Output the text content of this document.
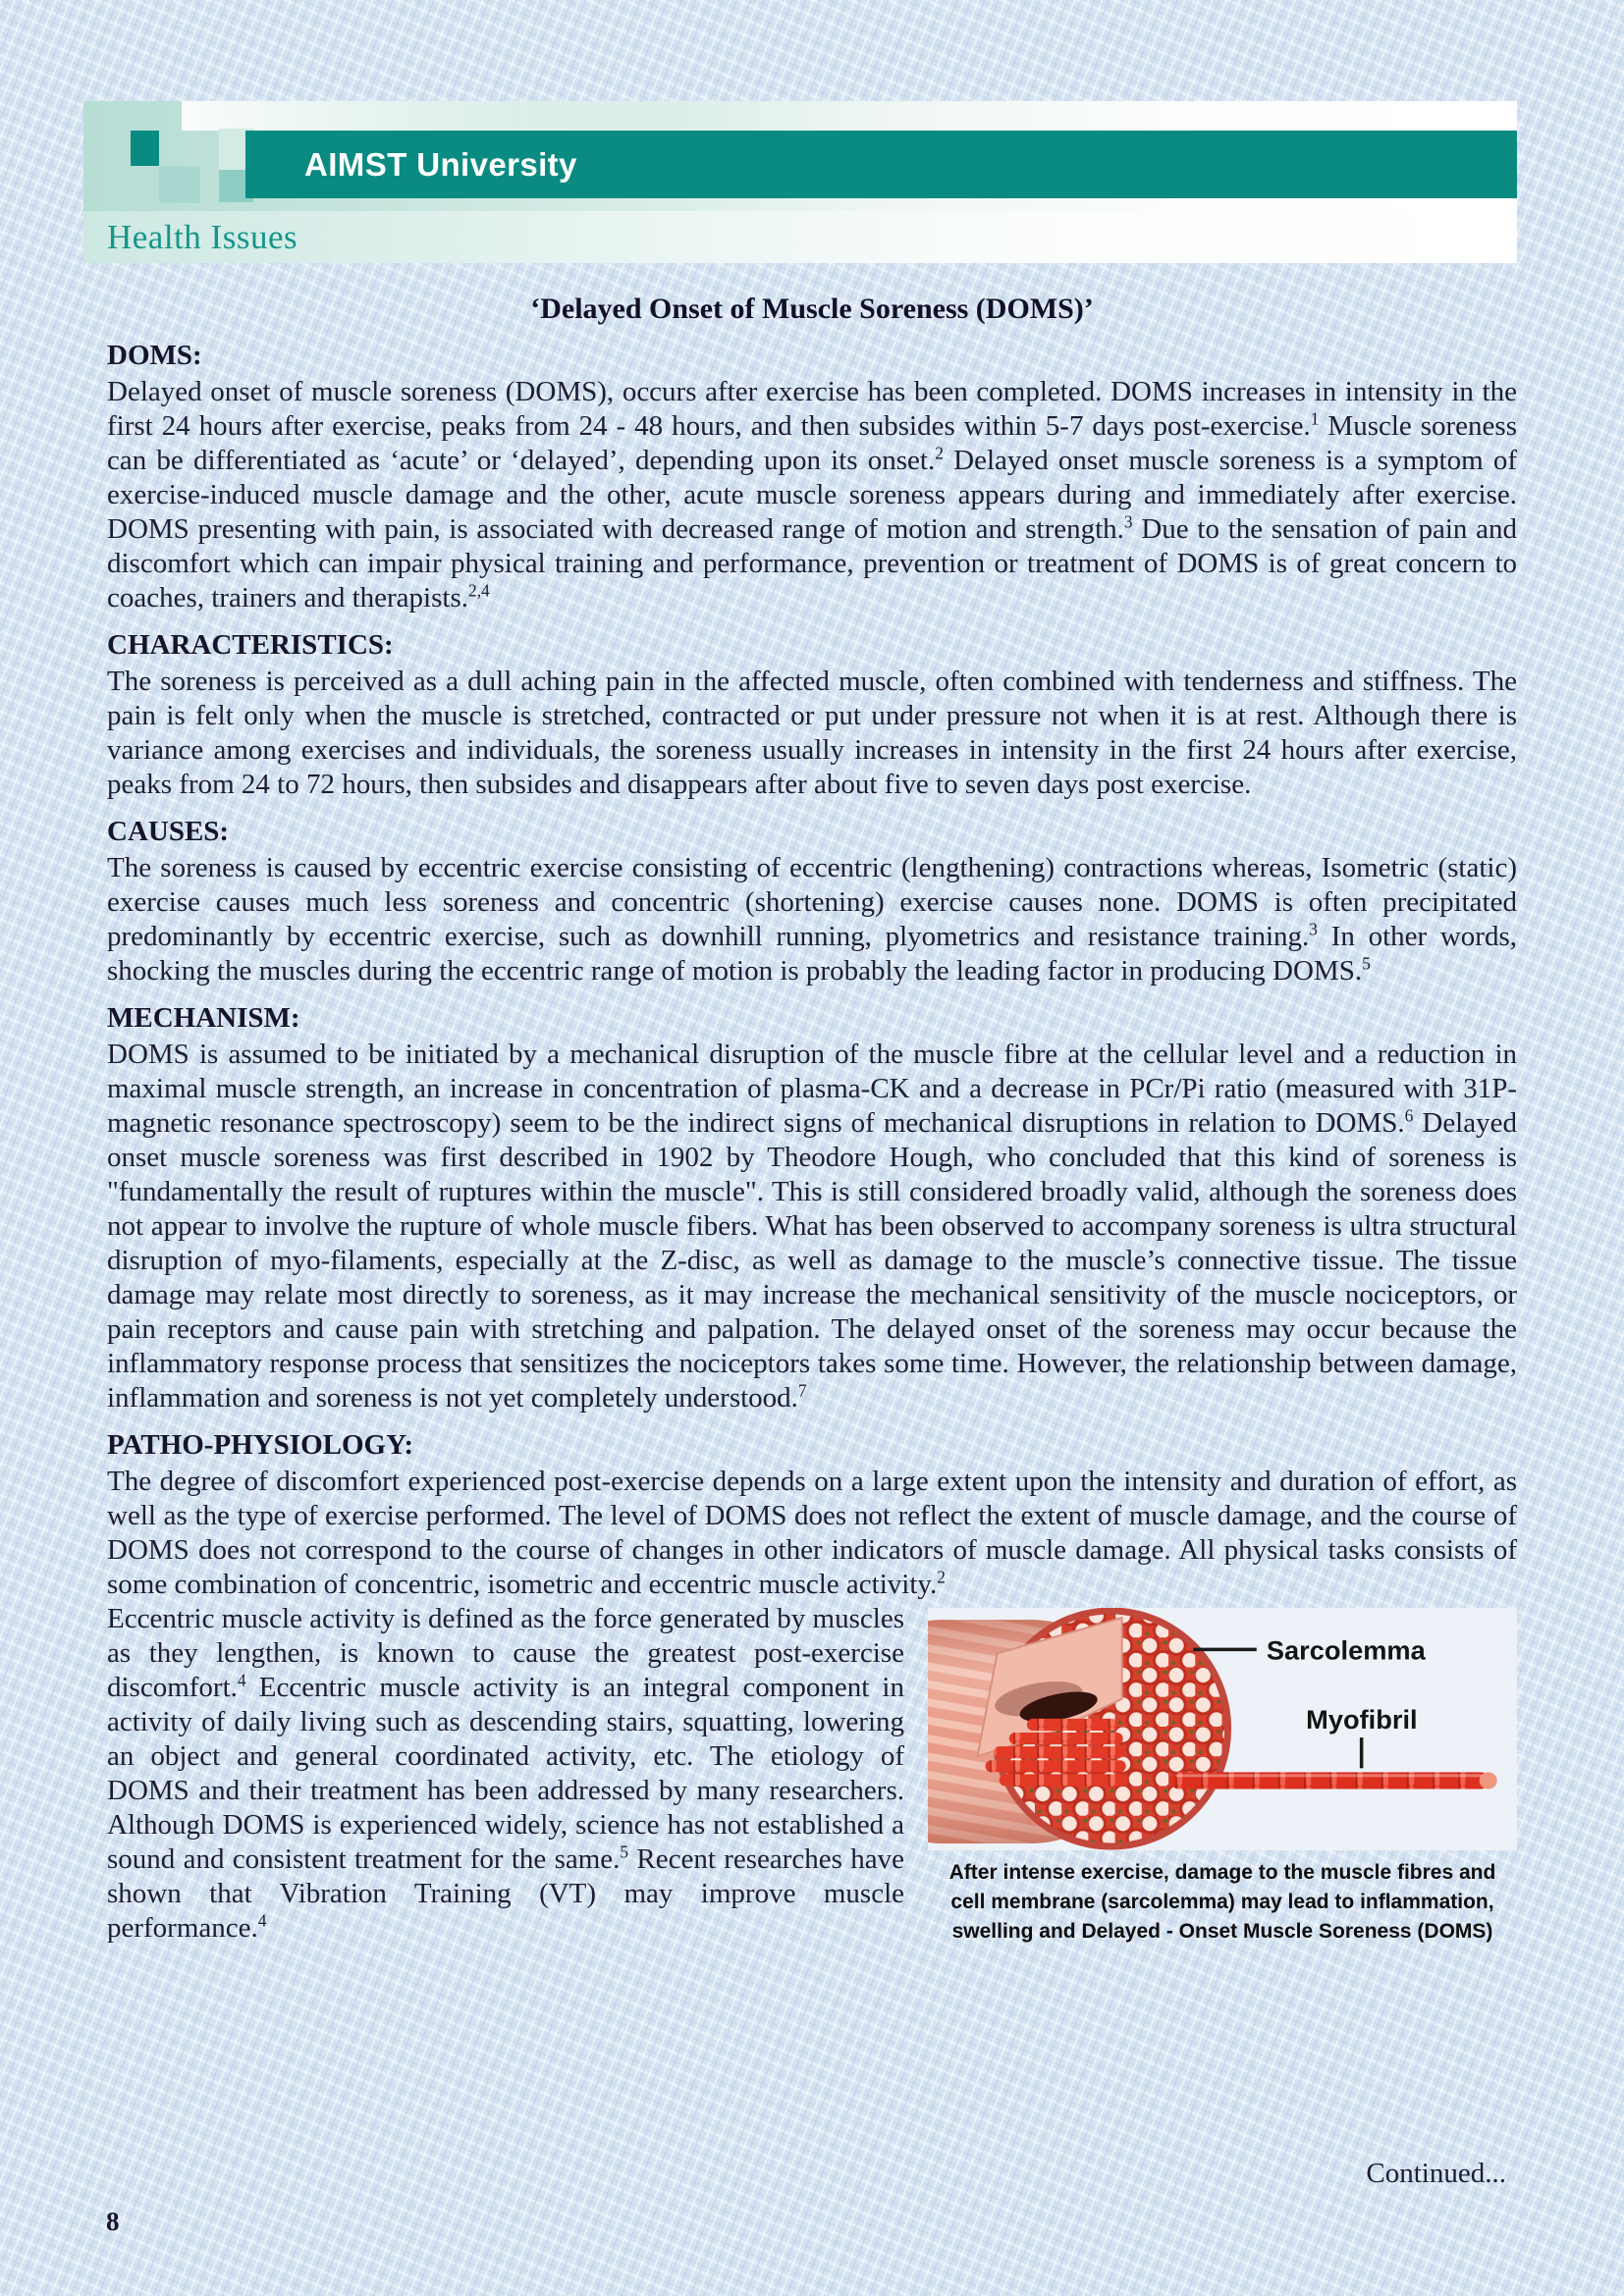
AIMST University
Health Issues
‘Delayed Onset of Muscle Soreness (DOMS)’
DOMS:

Delayed onset of muscle soreness (DOMS), occurs after exercise has been completed. DOMS increases in intensity in the first 24 hours after exercise, peaks from 24 - 48 hours, and then subsides within 5-7 days post-exercise.$^1$ Muscle soreness can be differentiated as ‘acute’ or ‘delayed’, depending upon its onset.$^2$ Delayed onset muscle soreness is a symptom of exercise-induced muscle damage and the other, acute muscle soreness appears during and immediately after exercise. DOMS presenting with pain, is associated with decreased range of motion and strength.$^3$ Due to the sensation of pain and discomfort which can impair physical training and performance, prevention or treatment of DOMS is of great concern to coaches, trainers and therapists.$^{2,4}$

CHARACTERISTICS:

The soreness is perceived as a dull aching pain in the affected muscle, often combined with tenderness and stiffness. The pain is felt only when the muscle is stretched, contracted or put under pressure not when it is at rest. Although there is variance among exercises and individuals, the soreness usually increases in intensity in the first 24 hours after exercise, peaks from 24 to 72 hours, then subsides and disappears after about five to seven days post exercise.

CAUSES:

The soreness is caused by eccentric exercise consisting of eccentric (lengthening) contractions whereas, Isometric (static) exercise causes much less soreness and concentric (shortening) exercise causes none. DOMS is often precipitated predominantly by eccentric exercise, such as downhill running, plyometrics and resistance training.$^3$ In other words, shocking the muscles during the eccentric range of motion is probably the leading factor in producing DOMS.$^5$

MECHANISM:

DOMS is assumed to be initiated by a mechanical disruption of the muscle fibre at the cellular level and a reduction in maximal muscle strength, an increase in concentration of plasma-CK and a decrease in PCr/Pi ratio (measured with 31P-magnetic resonance spectroscopy) seem to be the indirect signs of mechanical disruptions in relation to DOMS.$^6$ Delayed onset muscle soreness was first described in 1902 by Theodore Hough, who concluded that this kind of soreness is "fundamentally the result of ruptures within the muscle". This is still considered broadly valid, although the soreness does not appear to involve the rupture of whole muscle fibers. What has been observed to accompany soreness is ultra structural disruption of myo-filaments, especially at the Z-disc, as well as damage to the muscle’s connective tissue. The tissue damage may relate most directly to soreness, as it may increase the mechanical sensitivity of the muscle nociceptors, or pain receptors and cause pain with stretching and palpation. The delayed onset of the soreness may occur because the inflammatory response process that sensitizes the nociceptors takes some time. However, the relationship between damage, inflammation and soreness is not yet completely understood.$^7$

PATHO-PHYSIOLOGY:

The degree of discomfort experienced post-exercise depends on a large extent upon the intensity and duration of effort, as well as the type of exercise performed. The level of DOMS does not reflect the extent of muscle damage, and the course of DOMS does not correspond to the course of changes in other indicators of muscle damage. All physical tasks consists of some combination of concentric, isometric and eccentric muscle activity.$^2$

Sarcolemma
Myofibril
After intense exercise, damage to the muscle fibres and cell membrane (sarcolemma) may lead to inflammation, swelling and Delayed - Onset Muscle Soreness (DOMS)

Eccentric muscle activity is defined as the force generated by muscles as they lengthen, is known to cause the greatest post-exercise discomfort.$^4$ Eccentric muscle activity is an integral component in activity of daily living such as descending stairs, squatting, lowering an object and general coordinated activity, etc. The etiology of DOMS and their treatment has been addressed by many researchers. Although DOMS is experienced widely, science has not established a sound and consistent treatment for the same.$^5$ Recent researches have shown that Vibration Training (VT) may improve muscle performance.$^4$

Continued...
8
